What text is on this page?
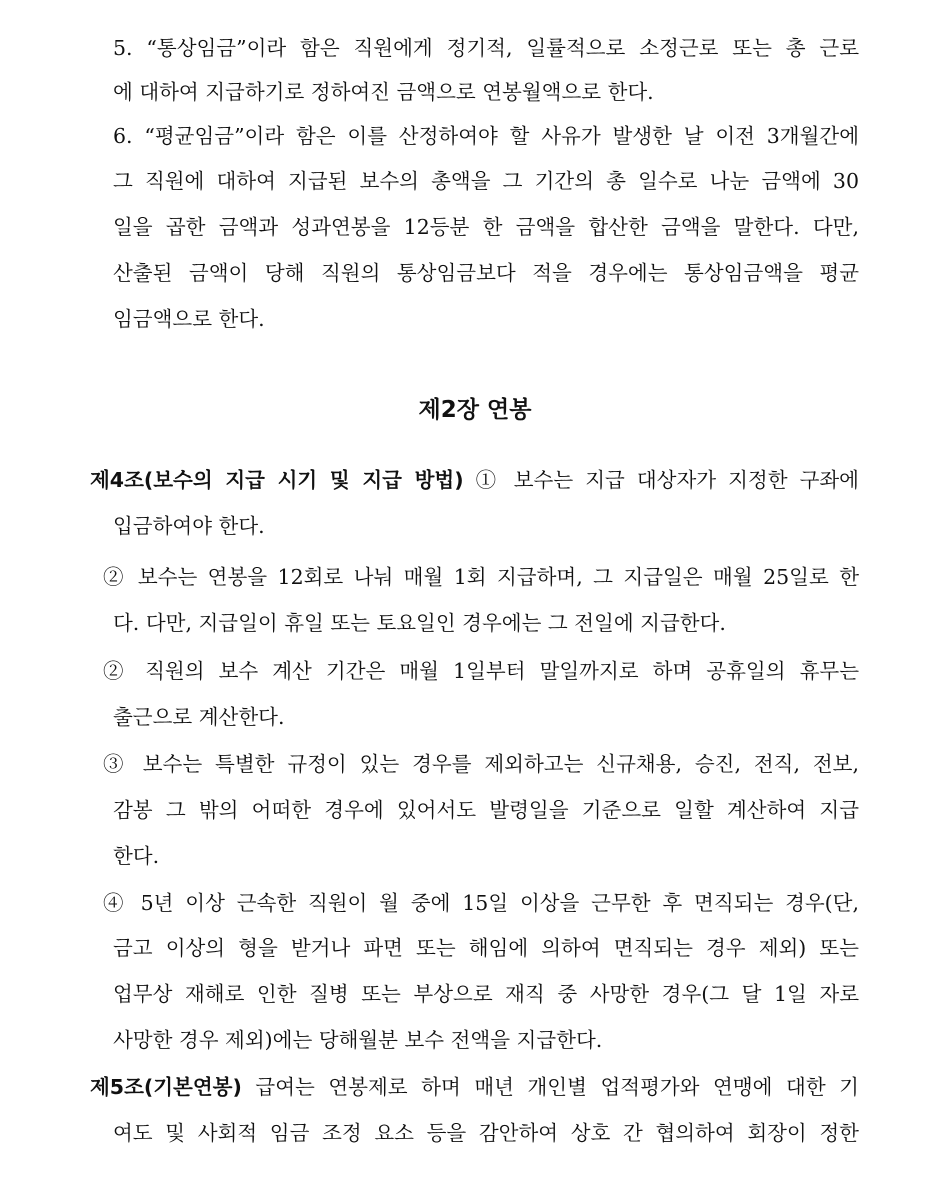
5. “통상임금”이라 함은 직원에게 정기적, 일률적으로 소정근로 또는 총 근로
에 대하여 지급하기로 정하여진 금액으로 연봉월액으로 한다.
6. “평균임금”이라 함은 이를 산정하여야 할 사유가 발생한 날 이전 3개월간에
그 직원에 대하여 지급된 보수의 총액을 그 기간의 총 일수로 나눈 금액에 30
일을 곱한 금액과 성과연봉을 12등분 한 금액을 합산한 금액을 말한다. 다만,
산출된 금액이 당해 직원의 통상임금보다 적을 경우에는 통상임금액을 평균
임금액으로 한다.
제2장 연봉
제4조(보수의 지급 시기 및 지급 방법) ① 보수는 지급 대상자가 지정한 구좌에
입금하여야 한다.
② 보수는 연봉을 12회로 나눠 매월 1회 지급하며, 그 지급일은 매월 25일로 한
다. 다만, 지급일이 휴일 또는 토요일인 경우에는 그 전일에 지급한다.
② 직원의 보수 계산 기간은 매월 1일부터 말일까지로 하며 공휴일의 휴무는
출근으로 계산한다.
③ 보수는 특별한 규정이 있는 경우를 제외하고는 신규채용, 승진, 전직, 전보,
감봉 그 밖의 어떠한 경우에 있어서도 발령일을 기준으로 일할 계산하여 지급
한다.
④ 5년 이상 근속한 직원이 월 중에 15일 이상을 근무한 후 면직되는 경우(단,
금고 이상의 형을 받거나 파면 또는 해임에 의하여 면직되는 경우 제외) 또는
업무상 재해로 인한 질병 또는 부상으로 재직 중 사망한 경우(그 달 1일 자로
사망한 경우 제외)에는 당해월분 보수 전액을 지급한다.
제5조(기본연봉) 급여는 연봉제로 하며 매년 개인별 업적평가와 연맹에 대한 기
여도 및 사회적 임금 조정 요소 등을 감안하여 상호 간 협의하여 회장이 정한
